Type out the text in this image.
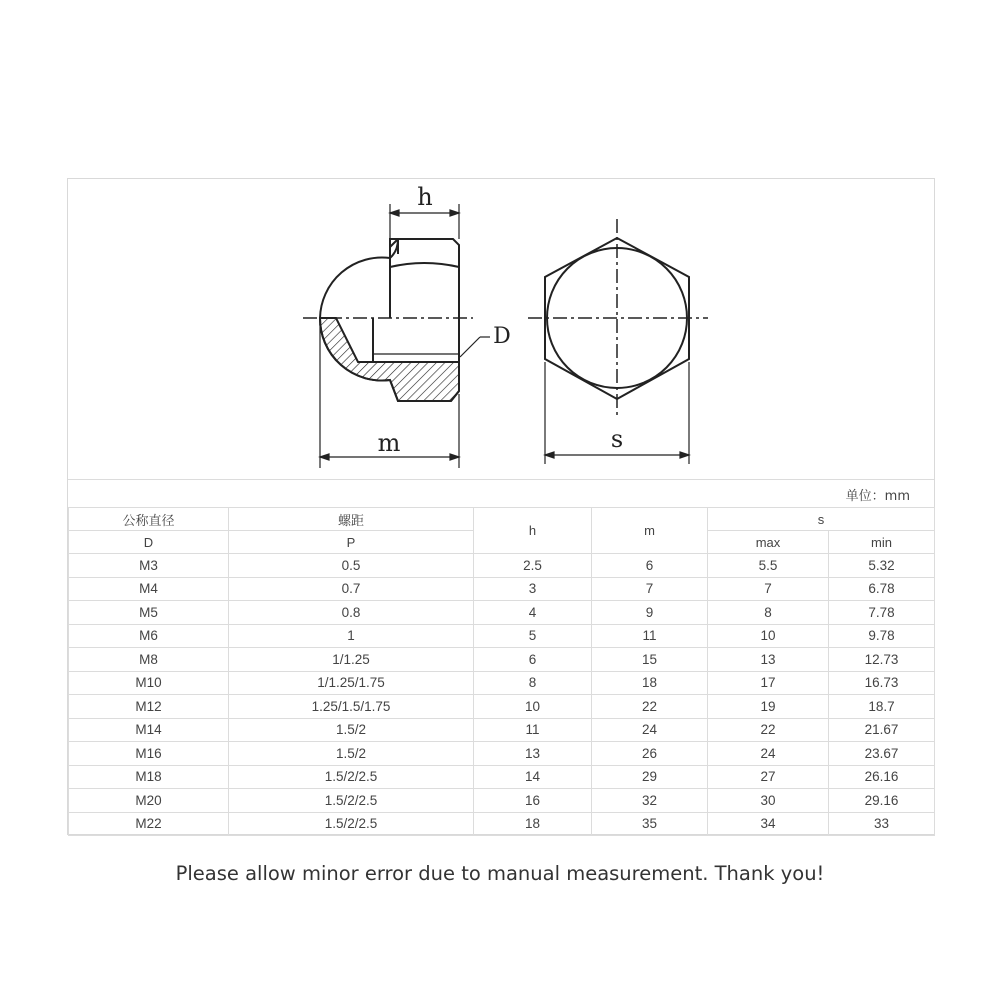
h
D
m	s
单位：mm
公称直径	螺距	h	m	s	
D	P			max	min
M3	0.5	2.5	6	5.5	5.32
M4	0.7	3	7	7	6.78
M5	0.8	4	9	8	7.78
M6	1	5	11	10	9.78
M8	1/1.25	6	15	13	12.73
M10	1/1.25/1.75	8	18	17	16.73
M12	1.25/1.5/1.75	10	22	19	18.7
M14	1.5/2	11	24	22	21.67
M16	1.5/2	13	26	24	23.67
M18	1.5/2/2.5	14	29	27	26.16
M20	1.5/2/2.5	16	32	30	29.16
M22	1.5/2/2.5	18	35	34	33
Please allow minor error due to manual measurement. Thank you!
